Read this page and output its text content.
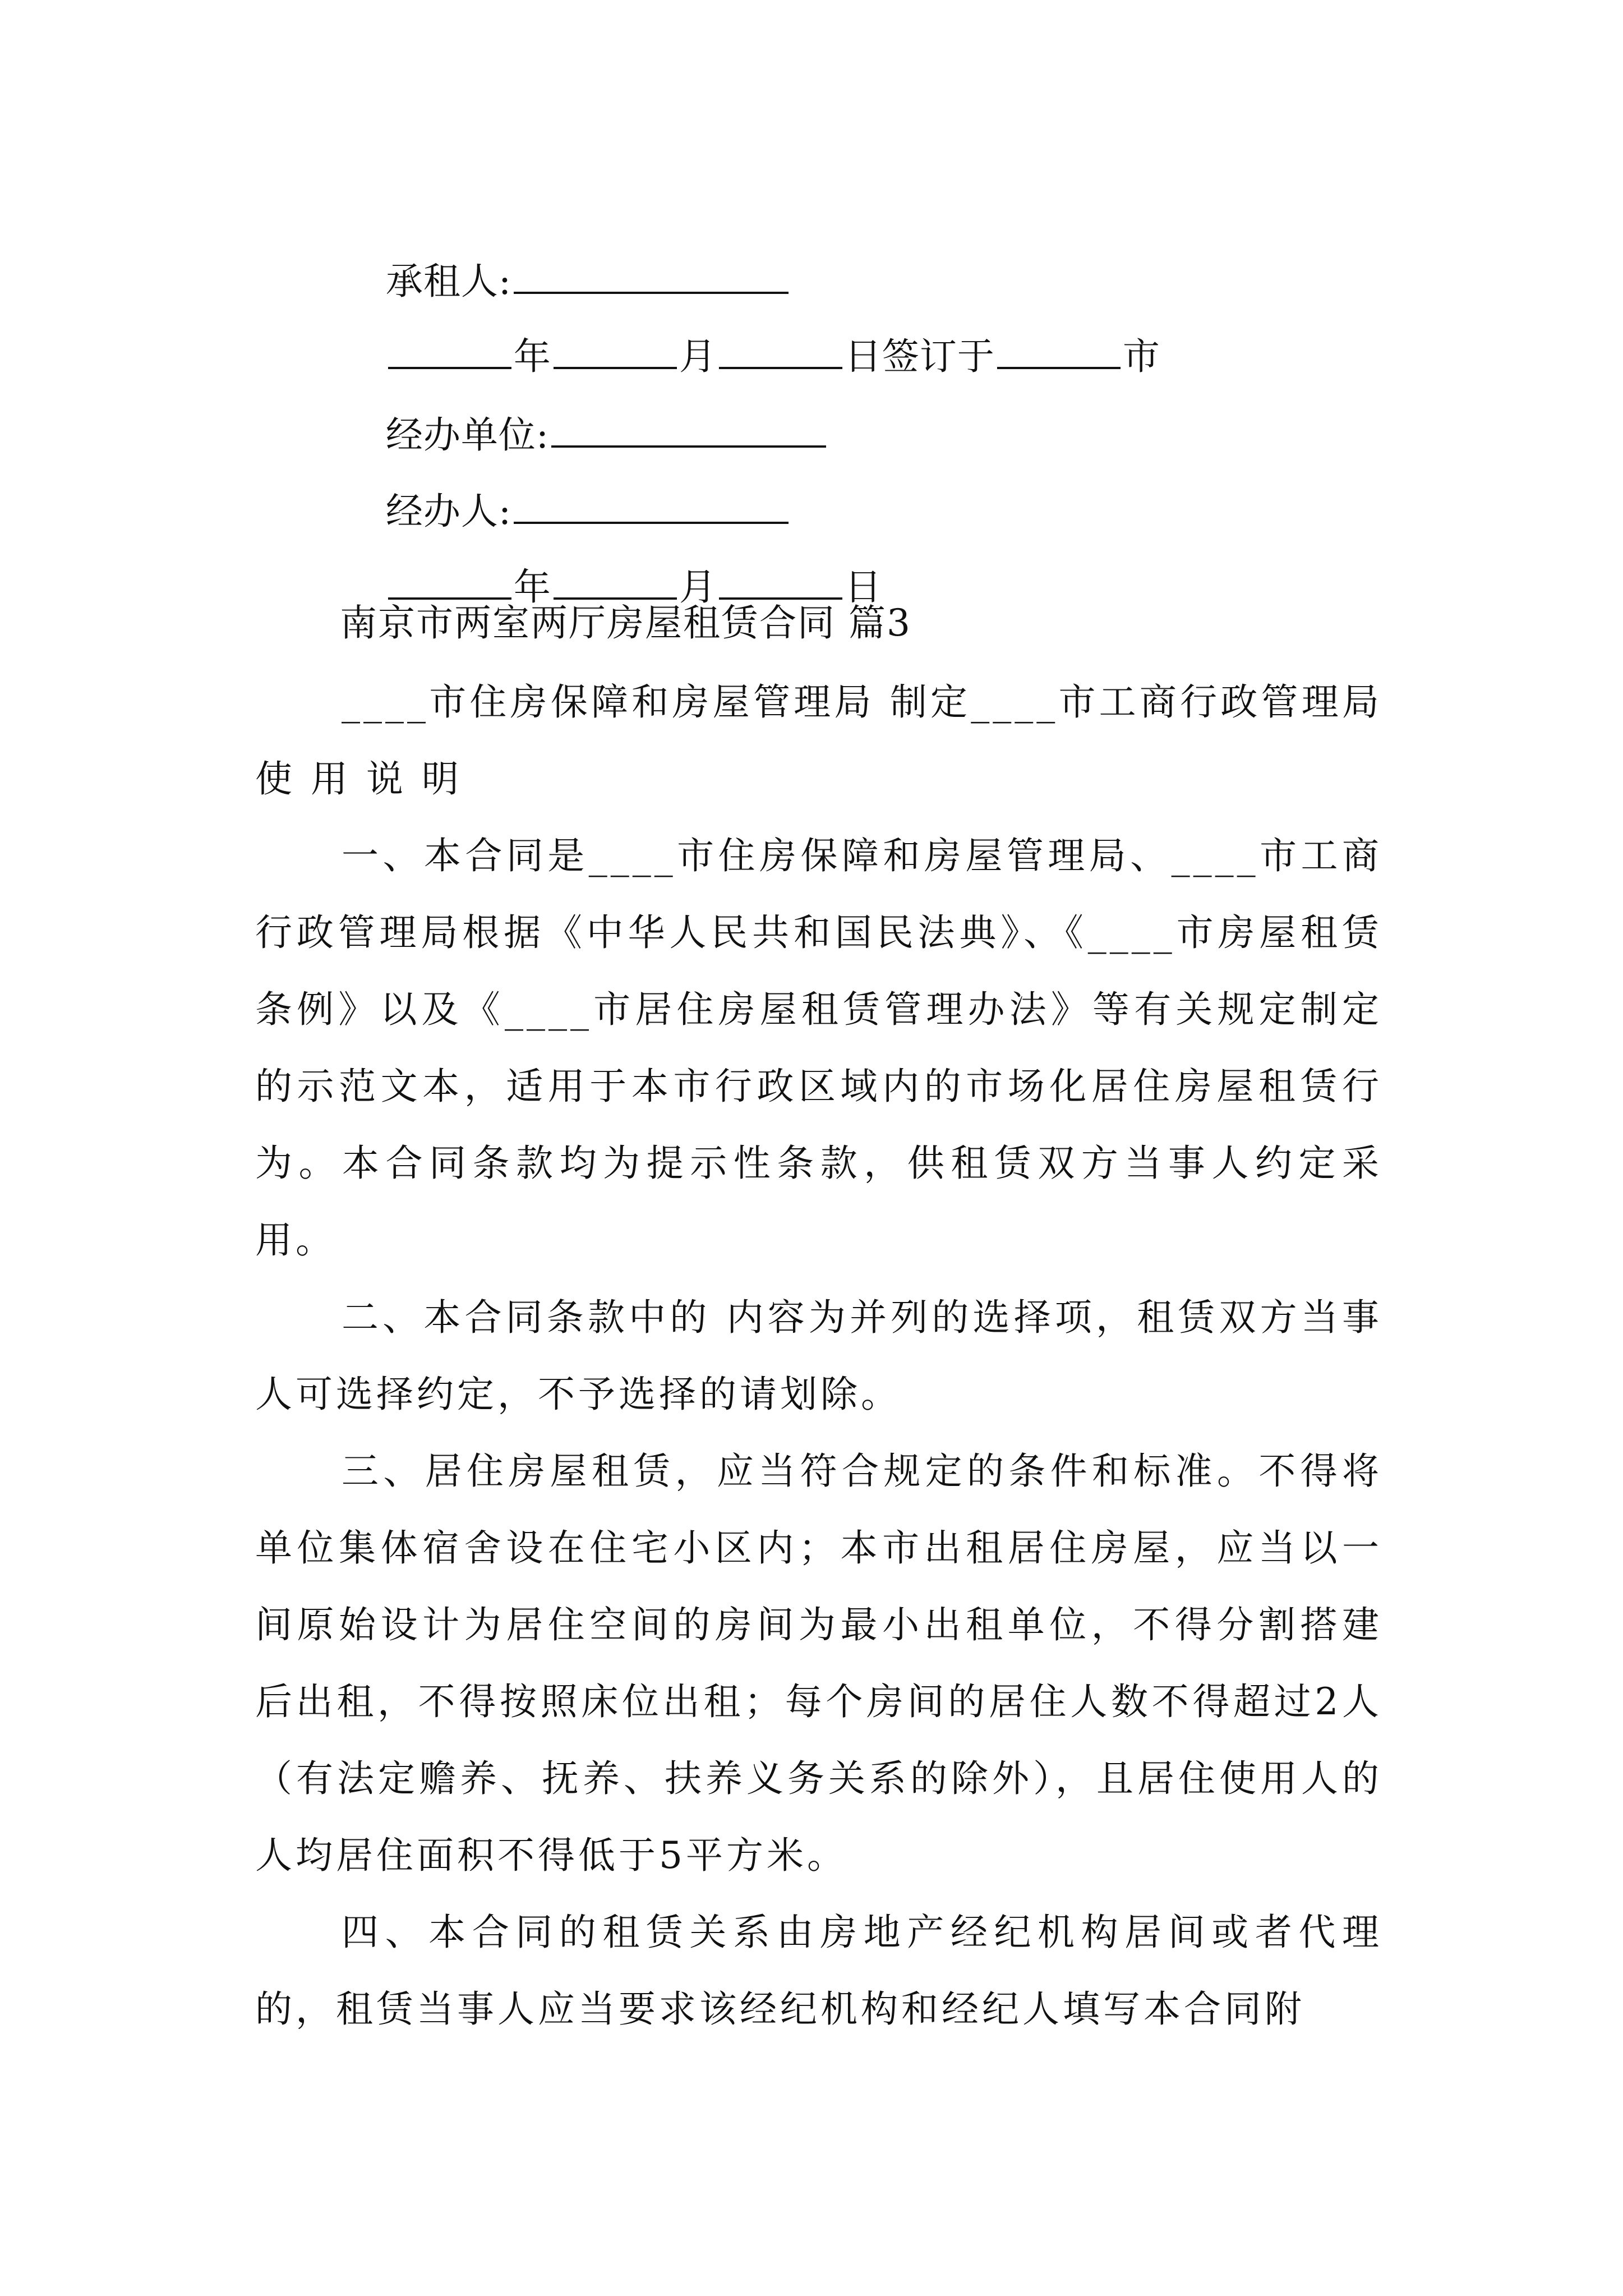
承租人:

年	月	日签订于	市

经办单位:

经办人:

年	月	日

南京市两室两厅房屋租赁合同 篇3
____市住房保障和房屋管理局 制定____市工商行政管理局使 用 说 明
一、本合同是____市住房保障和房屋管理局、____市工商行政管理局根据《中华人民共和国民法典》、《____市房屋租赁条例》以及《____市居住房屋租赁管理办法》等有关规定制定的示范文本，适用于本市行政区域内的市场化居住房屋租赁行为。本合同条款均为提示性条款，供租赁双方当事人约定采用。
二、本合同条款中的 内容为并列的选择项，租赁双方当事人可选择约定，不予选择的请划除。
三、居住房屋租赁，应当符合规定的条件和标准。不得将单位集体宿舍设在住宅小区内；本市出租居住房屋，应当以一间原始设计为居住空间的房间为最小出租单位，不得分割搭建后出租，不得按照床位出租；每个房间的居住人数不得超过2人（有法定赡养、抚养、扶养义务关系的除外），且居住使用人的人均居住面积不得低于5平方米。
四、本合同的租赁关系由房地产经纪机构居间或者代理的，租赁当事人应当要求该经纪机构和经纪人填写本合同附
